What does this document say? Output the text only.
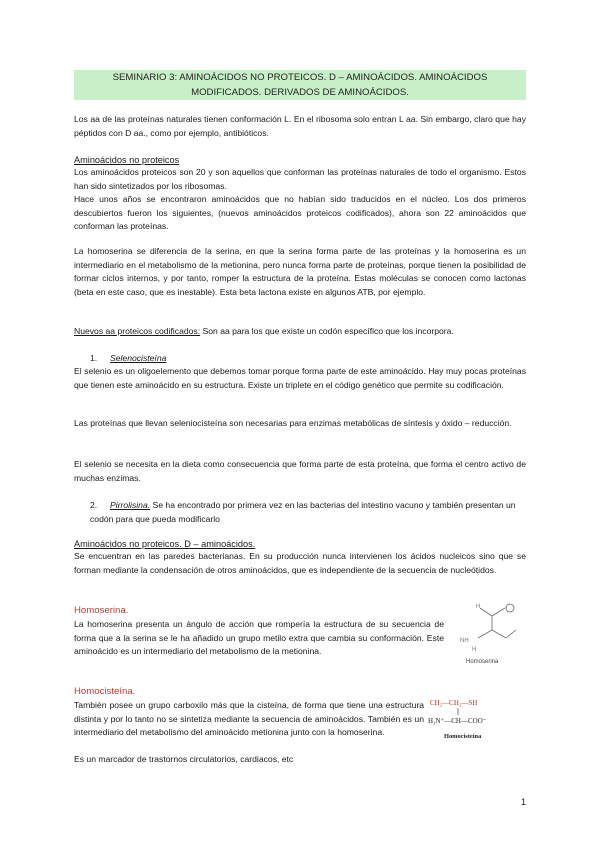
SEMINARIO 3: AMINOÁCIDOS NO PROTEICOS. D – AMINOÁCIDOS. AMINOÁCIDOS
MODIFICADOS. DERIVADOS DE AMINOÁCIDOS.

Los aa de las proteínas naturales tienen conformación L. En el ribosoma solo entran L aa. Sin embargo, claro que hay péptidos con D aa., como por ejemplo, antibióticos.

Aminoácidos no proteicos

Los aminoácidos proteicos son 20 y son aquellos que conforman las proteínas naturales de todo el organismo. Estos han sido sintetizados por los ribosomas.

Hace unos años se encontraron aminoácidos que no habían sido traducidos en el núcleo. Los dos primeros descubiertos fueron los siguientes, (nuevos aminoácidos proteicos codificados), ahora son 22 aminoácidos que conforman las proteínas.

La homoserina se diferencia de la serina, en que la serina forma parte de las proteínas y la homoserina es un intermediario en el metabolismo de la metionina, pero nunca forma parte de proteínas, porque tienen la posibilidad de formar ciclos internos, y por tanto, romper la estructura de la proteína. Estas moléculas se conocen como lactonas (beta en este caso, que es inestable). Esta beta lactona existe en algunos ATB, por ejemplo.

Nuevos aa proteicos codificados: Son aa para los que existe un codón específico que los incorpora.

1. Selenocisteína

El selenio es un oligoelemento que debemos tomar porque forma parte de este aminoácido. Hay muy pocas proteínas que tienen este aminoácido en su estructura. Existe un triplete en el código genético que permite su codificación.

Las proteínas que llevan seleniocisteína son necesarias para enzimas metabólicas de síntesis y óxido – reducción.

El selenio se necesita en la dieta como consecuencia que forma parte de esta proteína, que forma el centro activo de muchas enzimas.

2. Pirrolisina. Se ha encontrado por primera vez en las bacterias del intestino vacuno y también presentan un codón para que pueda modificarlo

Aminoácidos no proteicos. D – aminoácidos.

Se encuentran en las paredes bacterianas. En su producción nunca intervienen los ácidos nucleicos sino que se forman mediante la condensación de otros aminoácidos, que es independiente de la secuencia de nucleótidos.

Homoserina.

La homoserina presenta un ángulo de acción que rompería la estructura de su secuencia de forma que a la serina se le ha añadido un grupo metilo extra que cambia su conformación. Este aminoácido es un intermediario del metabolismo de la metionina.

H
NH
H
Homoserina

Homocisteína.

También posee un grupo carboxilo más que la cisteína, de forma que tiene una estructura distinta y por lo tanto no se sintetiza mediante la secuencia de aminoácidos. También es un intermediario del metabolismo del aminoácido metionina junto con la homoserina.

Es un marcador de trastornos circulatorios, cardiacos, etc

CH₂—CH₂—SH
H₃N⁺—CH—COO⁻
Homocisteína
1
